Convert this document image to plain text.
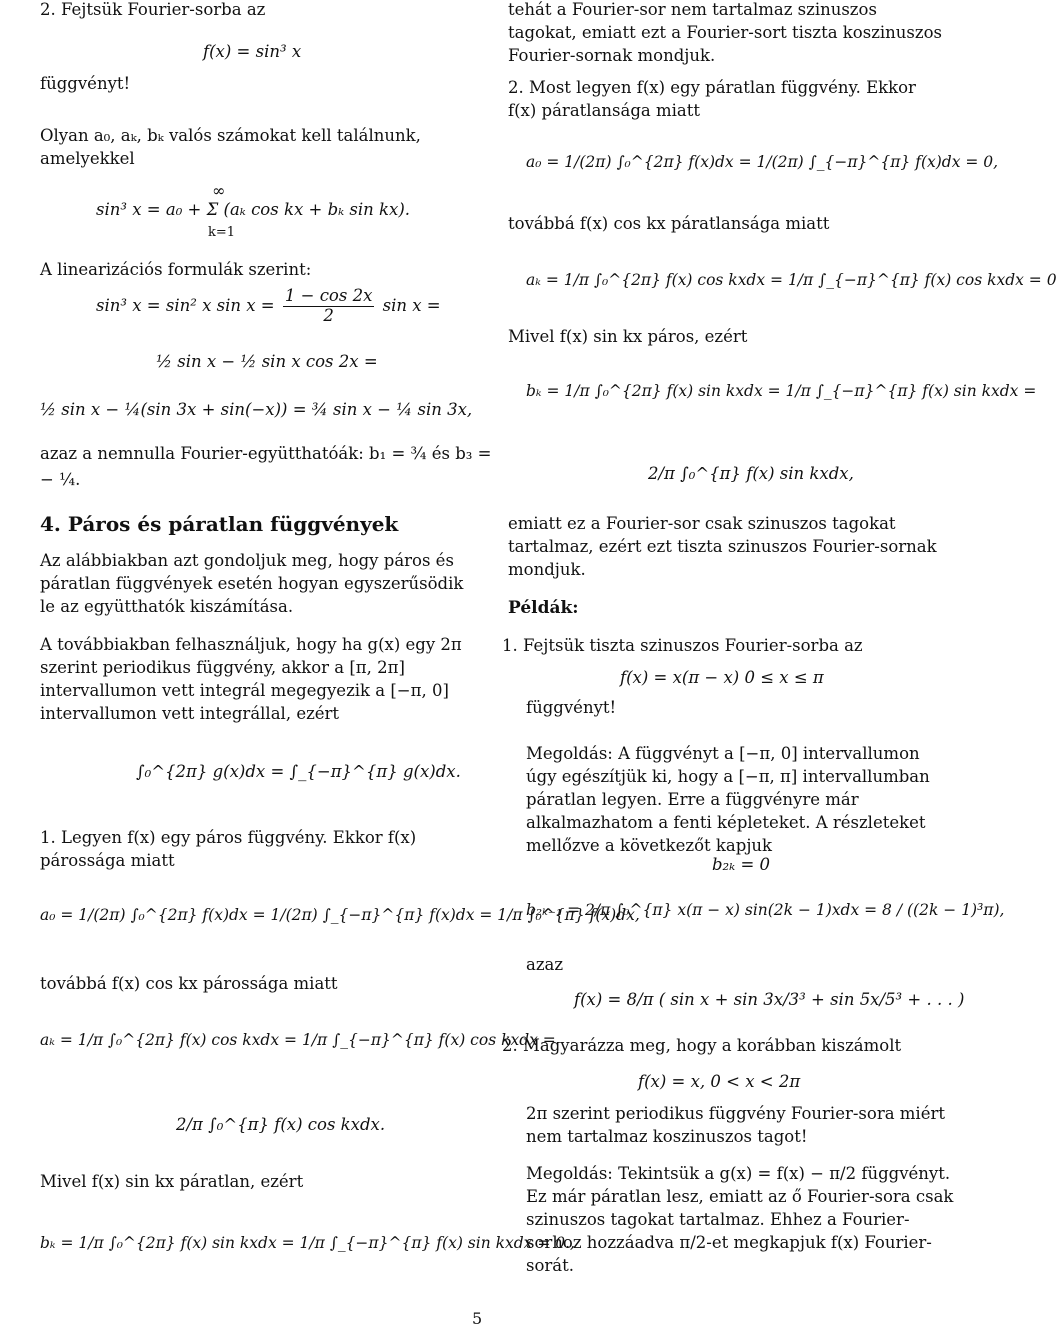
2. Fejtsük Fourier-sorba az
f(x) = sin³ x
függvényt!
Olyan a₀, aₖ, bₖ valós számokat kell találnunk, amelyekkel
∞
sin³ x = a₀ + Σ (aₖ cos kx + bₖ sin kx).
k=1
A linearizációs formulák szerint:
sin³ x = sin² x $\sin x = \frac{1 - \cos 2x}{2}$ sin x =
½ sin x − ½ sin x cos 2x =
½ sin x − ¼(sin 3x + sin(−x)) = ¾ sin x − ¼ sin 3x,
azaz a nemnulla Fourier-együtthatóák: b₁ = ¾ és b₃ =
− ¼.
4. Páros és páratlan függvények
Az alábbiakban azt gondoljuk meg, hogy páros és páratlan függvények esetén hogyan egyszerűsödik le az együtthatók kiszámítása.
A továbbiakban felhasználjuk, hogy ha g(x) egy 2π szerint periodikus függvény, akkor a [π, 2π] intervallumon vett integrál megegyezik a [−π, 0] intervallumon vett integrállal, ezért
∫₀^{2π} g(x)dx = ∫_{−π}^{π} g(x)dx.
1. Legyen f(x) egy páros függvény. Ekkor f(x) párossága miatt
a₀ = 1/(2π) ∫₀^{2π} f(x)dx = 1/(2π) ∫_{−π}^{π} f(x)dx = 1/π ∫₀^{π} f(x)dx,
továbbá f(x) cos kx párossága miatt
aₖ = 1/π ∫₀^{2π} f(x) cos kxdx = 1/π ∫_{−π}^{π} f(x) cos kxdx =
2/π ∫₀^{π} f(x) cos kxdx.
Mivel f(x) sin kx páratlan, ezért
bₖ = 1/π ∫₀^{2π} f(x) sin kxdx = 1/π ∫_{−π}^{π} f(x) sin kxdx = 0.,
tehát a Fourier-sor nem tartalmaz szinuszos tagokat, emiatt ezt a Fourier-sort tiszta koszinuszos Fourier-sornak mondjuk.
2. Most legyen f(x) egy páratlan függvény. Ekkor f(x) páratlansága miatt
a₀ = 1/(2π) ∫₀^{2π} f(x)dx = 1/(2π) ∫_{−π}^{π} f(x)dx = 0,
továbbá f(x) cos kx páratlansága miatt
aₖ = 1/π ∫₀^{2π} f(x) cos kxdx = 1/π ∫_{−π}^{π} f(x) cos kxdx = 0
Mivel f(x) sin kx páros, ezért
bₖ = 1/π ∫₀^{2π} f(x) sin kxdx = 1/π ∫_{−π}^{π} f(x) sin kxdx =
2/π ∫₀^{π} f(x) sin kxdx,
emiatt ez a Fourier-sor csak szinuszos tagokat tartalmaz, ezért ezt tiszta szinuszos Fourier-sornak mondjuk.
Példák:
1. Fejtsük tiszta szinuszos Fourier-sorba az
f(x) = x(π − x) 0 ≤ x ≤ π
függvényt!
Megoldás: A függvényt a [−π, 0] intervallumon úgy egészítjük ki, hogy a [−π, π] intervallumban páratlan legyen. Erre a függvényre már alkalmazhatom a fenti képleteket. A részleteket mellőzve a következőt kapjuk
b₂ₖ = 0
b₂ₖ₋₁ = 2/π ∫₀^{π} x(π − x) sin(2k − 1)xdx = 8 / ((2k − 1)³π),
azaz
f(x) = 8/π ( sin x + sin 3x/3³ + sin 5x/5³ + . . . )
2. Magyarázza meg, hogy a korábban kiszámolt
f(x) = x, 0 < x < 2π
2π szerint periodikus függvény Fourier-sora miért nem tartalmaz koszinuszos tagot!
Megoldás: Tekintsük a g(x) = f(x) − π/2 függvényt. Ez már páratlan lesz, emiatt az ő Fourier-sora csak szinuszos tagokat tartalmaz. Ehhez a Fourier-sorhoz hozzáadva π/2-et megkapjuk f(x) Fourier-sorát.
5
